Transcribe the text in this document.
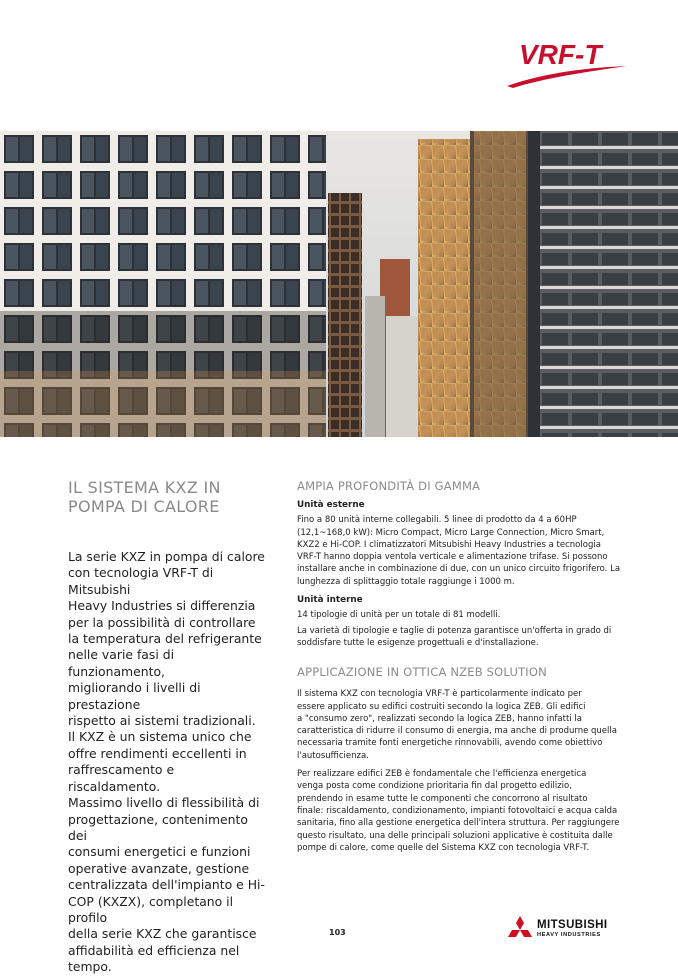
VRF-T
IL SISTEMA KXZ IN
POMPA DI CALORE

La serie KXZ in pompa di calore
con tecnologia VRF-T di Mitsubishi
Heavy Industries si differenzia
per la possibilità di controllare
la temperatura del refrigerante
nelle varie fasi di funzionamento,
migliorando i livelli di prestazione
rispetto ai sistemi tradizionali.
Il KXZ è un sistema unico che
offre rendimenti eccellenti in
raffrescamento e riscaldamento.
Massimo livello di flessibilità di
progettazione, contenimento dei
consumi energetici e funzioni
operative avanzate, gestione
centralizzata dell'impianto e Hi-
COP (KXZX), completano il profilo
della serie KXZ che garantisce
affidabilità ed efficienza nel
tempo.

AMPIA PROFONDITÀ DI GAMMA
Unità esterne

Fino a 80 unità interne collegabili. 5 linee di prodotto da 4 a 60HP
(12,1~168,0 kW): Micro Compact, Micro Large Connection, Micro Smart,
KXZ2 e Hi-COP. I climatizzatori Mitsubishi Heavy Industries a tecnologia
VRF-T hanno doppia ventola verticale e alimentazione trifase. Si possono
installare anche in combinazione di due, con un unico circuito frigorifero. La
lunghezza di splittaggio totale raggiunge i 1000 m.

Unità interne

14 tipologie di unità per un totale di 81 modelli.

La varietà di tipologie e taglie di potenza garantisce un'offerta in grado di
soddisfare tutte le esigenze progettuali e d'installazione.

APPLICAZIONE IN OTTICA NZEB SOLUTION

Il sistema KXZ con tecnologia VRF-T è particolarmente indicato per
essere applicato su edifici costruiti secondo la logica ZEB. Gli edifici
a "consumo zero", realizzati secondo la logica ZEB, hanno infatti la
caratteristica di ridurre il consumo di energia, ma anche di produrne quella
necessaria tramite fonti energetiche rinnovabili, avendo come obiettivo
l'autosufficienza.

Per realizzare edifici ZEB è fondamentale che l'efficienza energetica
venga posta come condizione prioritaria fin dal progetto edilizio,
prendendo in esame tutte le componenti che concorrono al risultato
finale: riscaldamento, condizionamento, impianti fotovoltaici e acqua calda
sanitaria, fino alla gestione energetica dell'intera struttura. Per raggiungere
questo risultato, una delle principali soluzioni applicative è costituita dalle
pompe di calore, come quelle del Sistema KXZ con tecnologia VRF-T.

103
MITSUBISHI
HEAVY INDUSTRIES
